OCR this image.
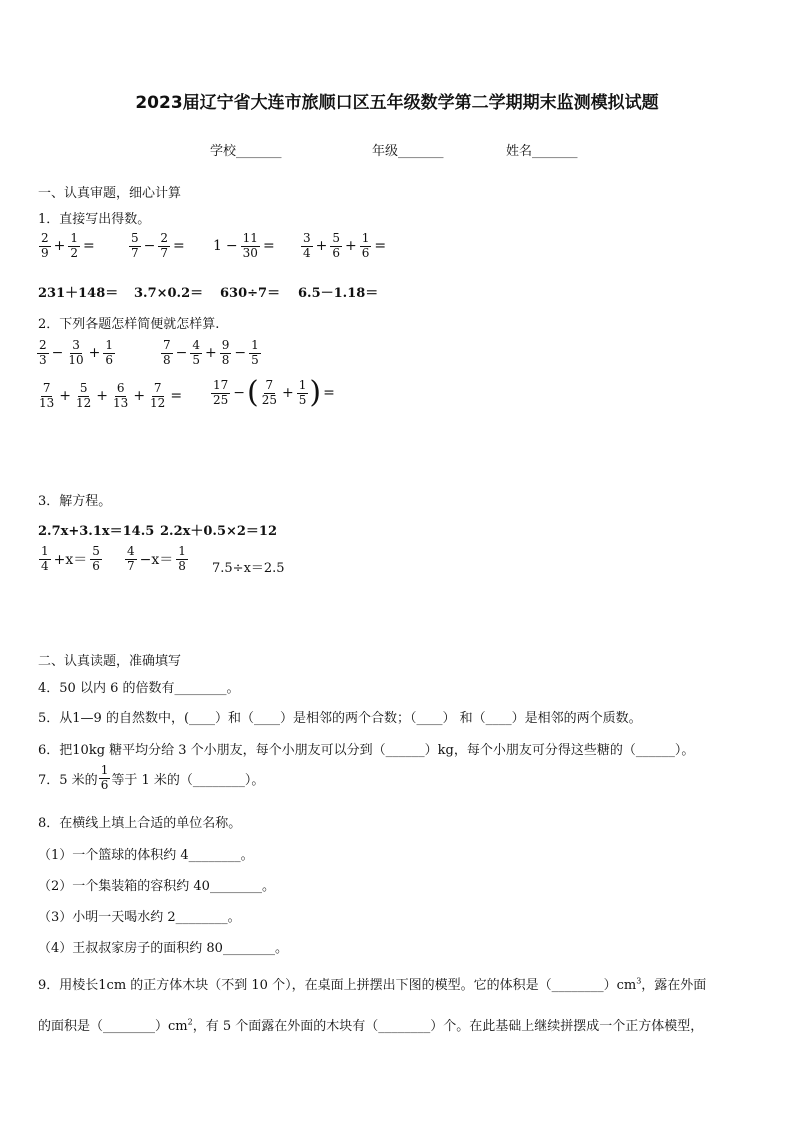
2023届辽宁省大连市旅顺口区五年级数学第二学期期末监测模拟试题
学校_______	年级_______	姓名_______
一、认真审题，细心计算
1．直接写出得数。
$\frac{2}{9} + \frac{1}{2}$ =	$\frac{5}{7} - \frac{2}{7} = 1 - \frac{11}{30} = \frac{3}{4} + \frac{5}{6} + \frac{1}{6}$ =
231＋148＝ 3.7×0.2＝ 630÷7＝ 6.5－1.18＝
2．下列各题怎样简便就怎样算.
$\frac{2}{3} - \frac{3}{10} + \frac{1}{6}$	$\frac{7}{8} - \frac{4}{5} + \frac{9}{8} - \frac{1}{5}$
$\frac{7}{13} + \frac{5}{12} + \frac{6}{13} + \frac{7}{12} = \frac{17}{25}$ −( $\frac{7}{25} + \frac{1}{5}$ ) =
3．解方程。
2.7x+3.1x＝14.5 2.2x＋0.5×2＝12
$\frac{1}{4} +x= \frac{5}{6} \frac{4}{7} -x= \frac{1}{8} 7.5\div x=2.5$
二、认真读题，准确填写
4．50 以内 6 的倍数有________。
5．从1—9 的自然数中，(____）和（____）是相邻的两个合数；（____） 和（____）是相邻的两个质数。
6．把10kg 糖平均分给 3 个小朋友，每个小朋友可以分到（______）kg，每个小朋友可分得这些糖的（______）。
7．5 米的 $\frac{1}{6}$ 等于 1 米的（________）。
8．在横线上填上合适的单位名称。
（1）一个篮球的体积约 4________。
（2）一个集装箱的容积约 40________。
（3）小明一天喝水约 2________。
（4）王叔叔家房子的面积约 80________。
9．用棱长1cm 的正方体木块（不到 10 个），在桌面上拼摆出下图的模型。它的体积是$(\_\_\_\_\_\_\_\_)cm^3$，露在外面
的面积是$(\_\_\_\_\_\_\_\_)cm^2$，有 5 个面露在外面的木块有（________）个。在此基础上继续拼摆成一个正方体模型，
